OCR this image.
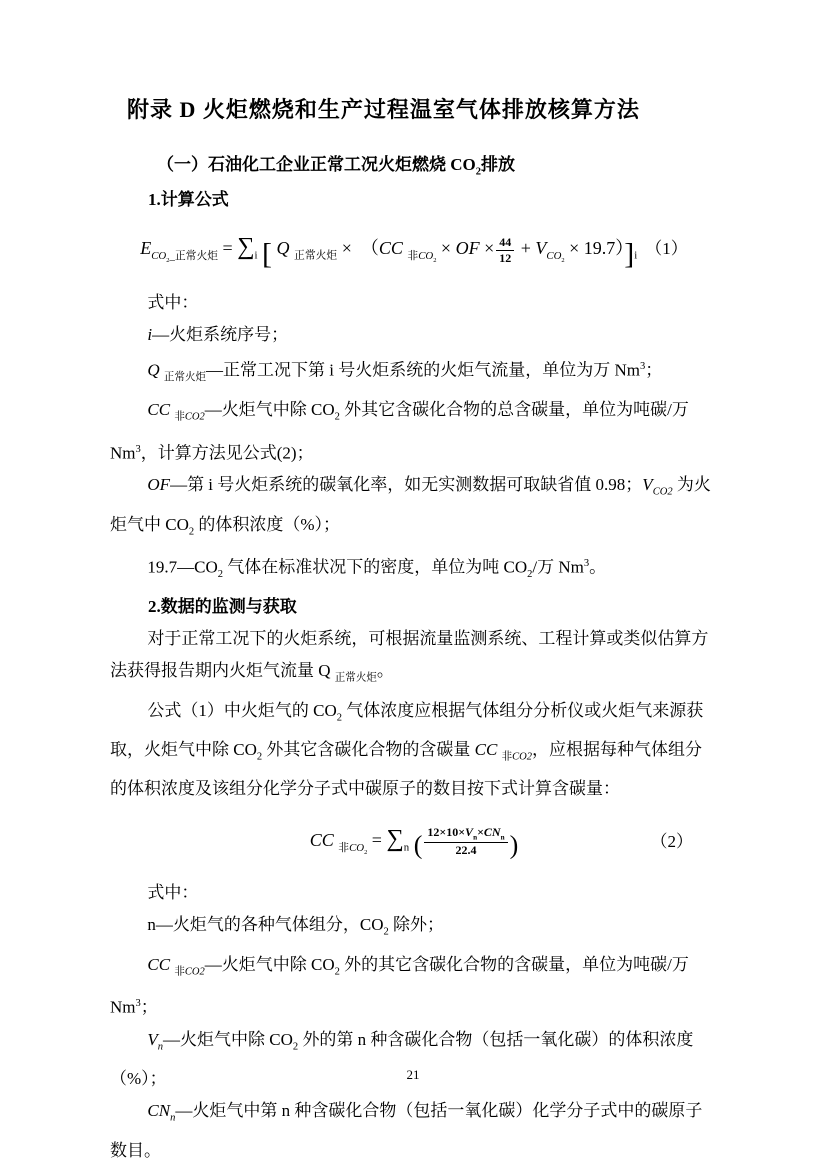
附录 D 火炬燃烧和生产过程温室气体排放核算方法
（一）石油化工企业正常工况火炬燃烧 $CO_2$排放
1.计算公式
$E_{CO_2\_正常火炬} = \sum_i$ [ Q $_{正常火炬}$ ×　（CC $_{非CO_2}$ × OF × $\frac{44}{12} + V_{CO_2} \times 19.7)]_i$ （1）
式中：
i—火炬系统序号；
Q $_{正常火炬}$—正常工况下第 i 号火炬系统的火炬气流量，单位为万 Nm$^3$；
CC $_{非CO2}$—火炬气中除 $CO_2$ 外其它含碳化合物的总含碳量，单位为吨碳/万
Nm$^3$，计算方法见公式(2)；
OF—第 i 号火炬系统的碳氧化率，如无实测数据可取缺省值 0.98；$V_{CO2}$ 为火
炬气中 $CO_2$ 的体积浓度（%）；
$19.7—CO_2$ 气体在标准状况下的密度，单位为吨 $CO_2/$万 Nm$^3$。
2.数据的监测与获取
对于正常工况下的火炬系统，可根据流量监测系统、工程计算或类似估算方
法获得报告期内火炬气流量 Q $_{正常火炬}$。
公式（1）中火炬气的 $CO_2$ 气体浓度应根据气体组分分析仪或火炬气来源获
取，火炬气中除 $CO_2$ 外其它含碳化合物的含碳量 CC $_{非CO2}$，应根据每种气体组分
的体积浓度及该组分化学分子式中碳原子的数目按下式计算含碳量：
CC $_{非CO_2} = \sum_n$ ( $\frac{12\times 10\times V_n\times CN_n}{22.4}$ )	（2）
式中：
n—火炬气的各种气体组分，$CO_2$ 除外；
CC $_{非CO2}$—火炬气中除 $CO_2$ 外的其它含碳化合物的含碳量，单位为吨碳/万
Nm$^3$；
$V_n—$火炬气中除 $CO_2$ 外的第 n 种含碳化合物（包括一氧化碳）的体积浓度
（%）；
$CN_n—$火炬气中第 n 种含碳化合物（包括一氧化碳）化学分子式中的碳原子
数目。
21
